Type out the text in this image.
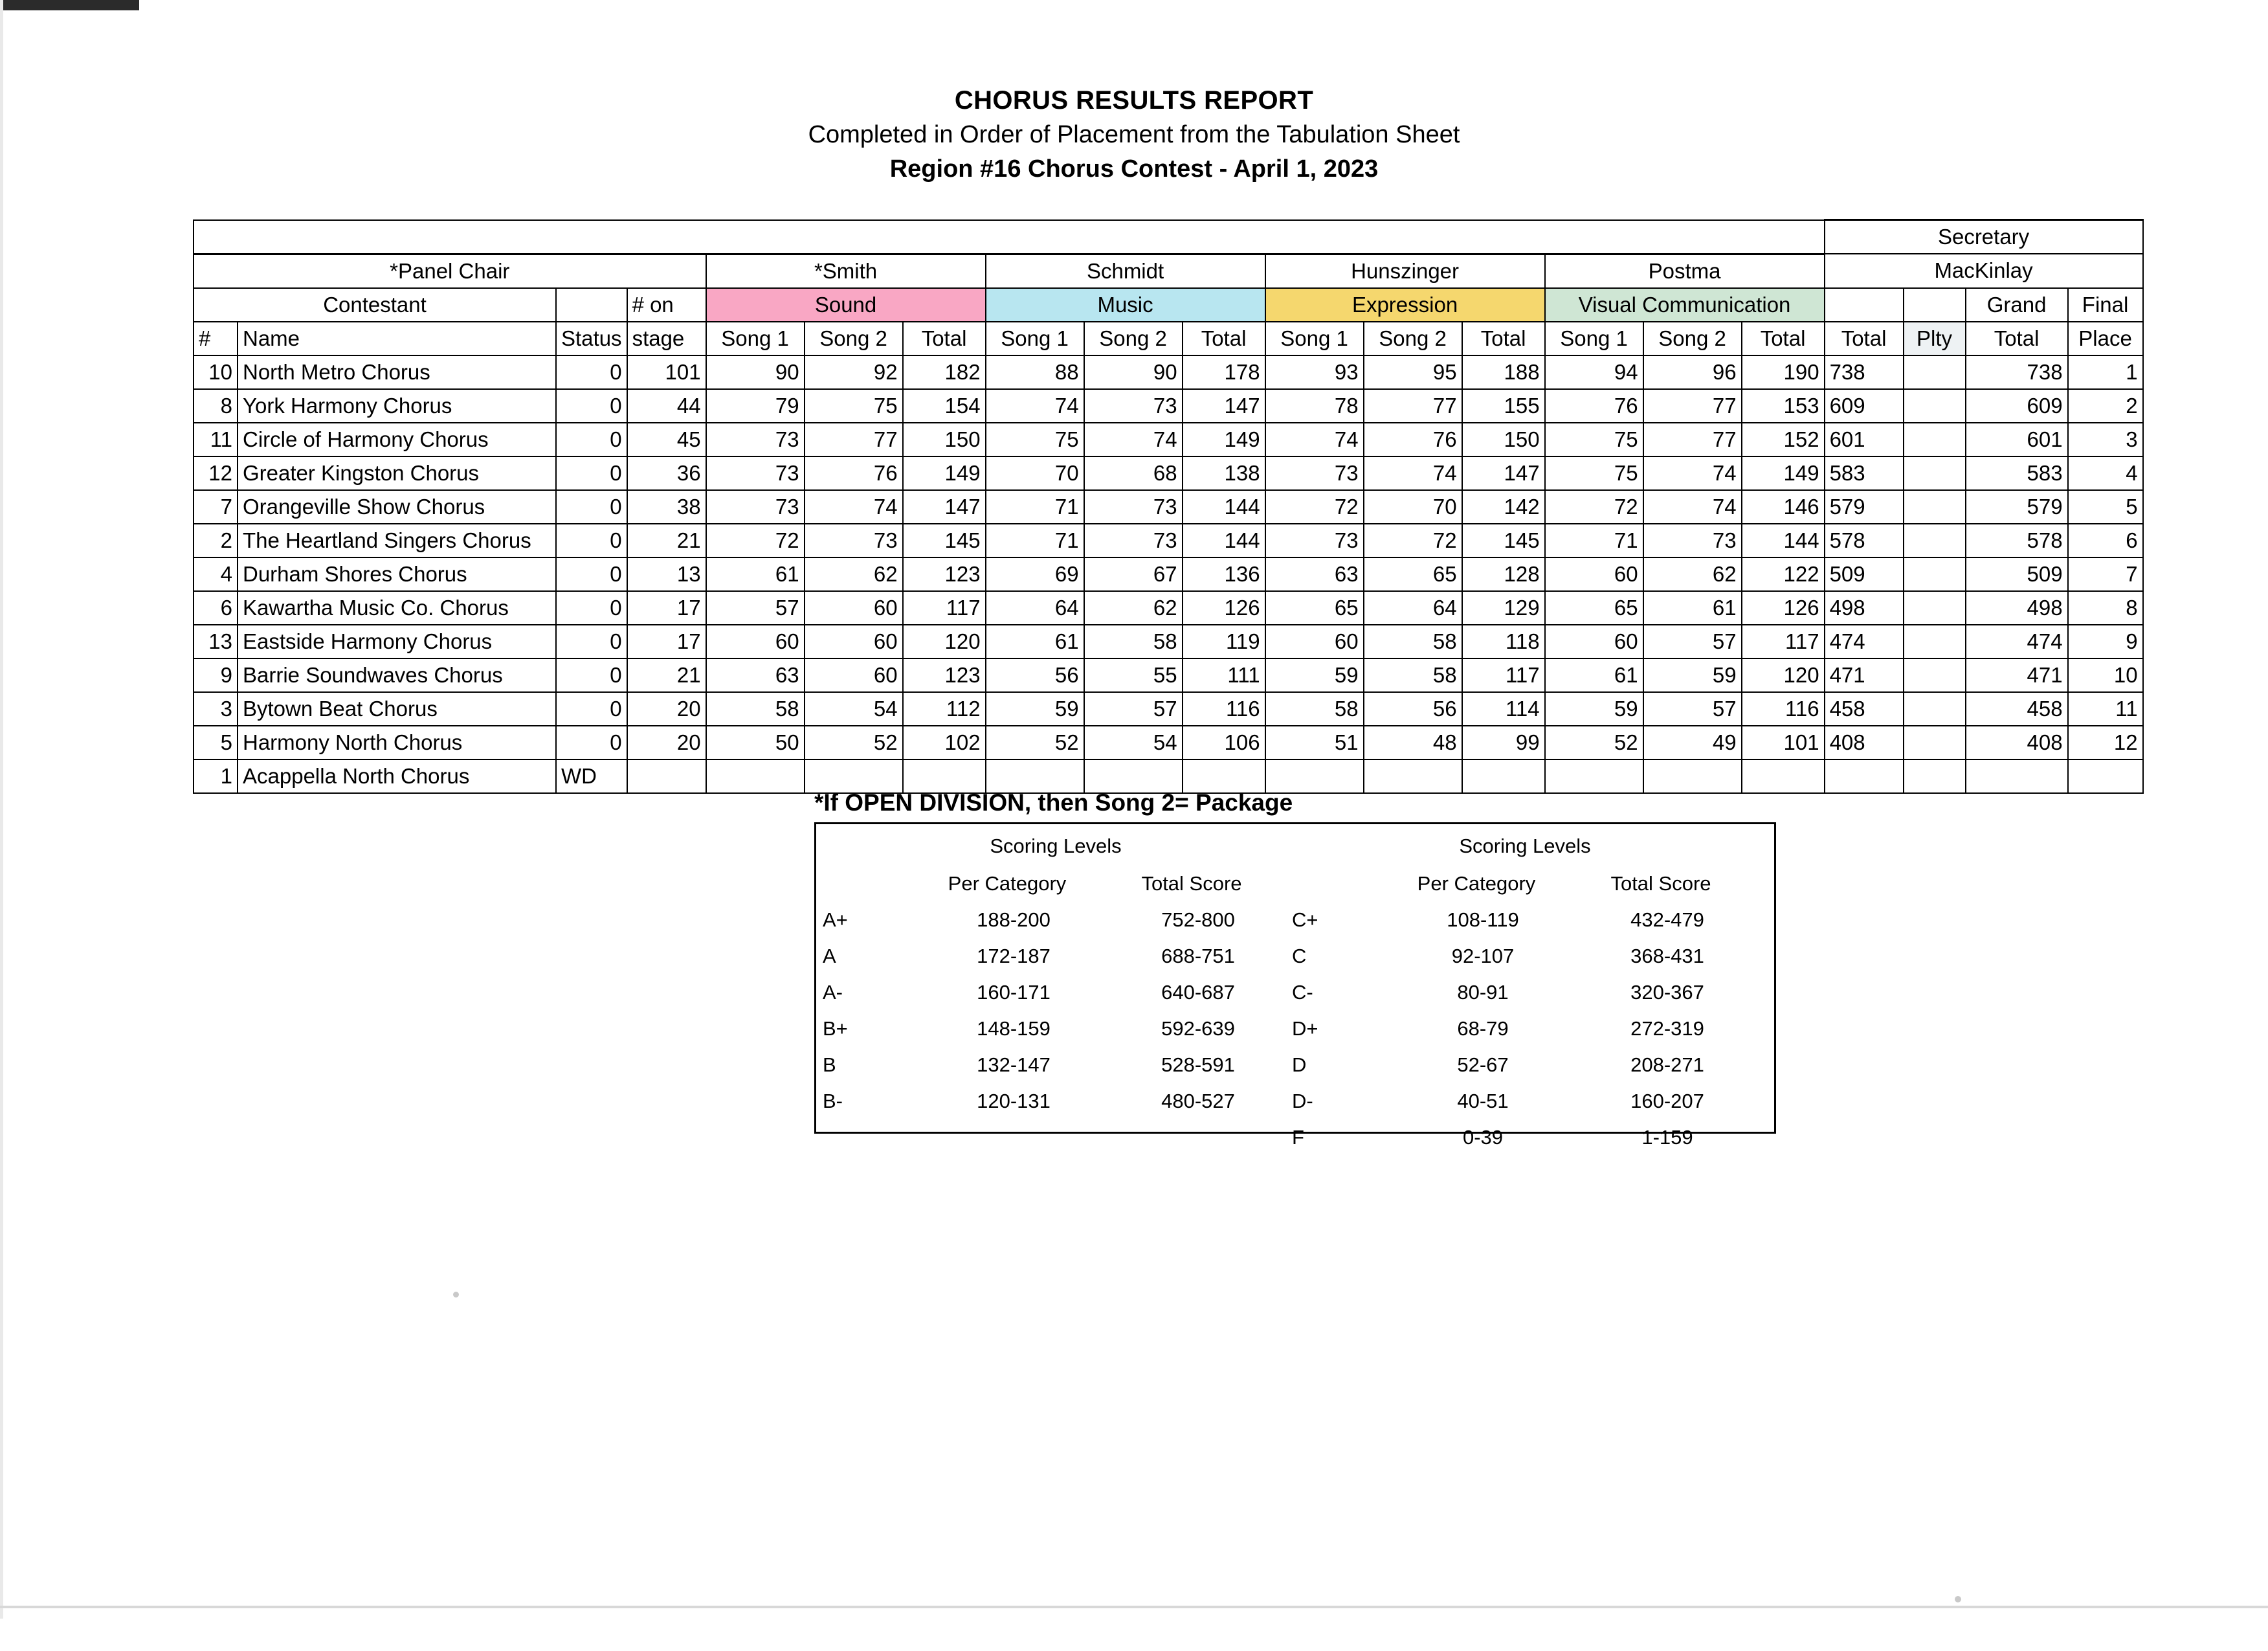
CHORUS RESULTS REPORT
Completed in Order of Placement from the Tabulation Sheet
Region #16 Chorus Contest - April 1, 2023
																Secretary			
*Panel Chair				*Smith			Schmidt			Hunszinger			Postma			MacKinlay			
Contestant			# on	Sound			Music			Expression			Visual Communication					Grand	Final
#	Name	Status	stage	Song 1	Song 2	Total	Song 1	Song 2	Total	Song 1	Song 2	Total	Song 1	Song 2	Total	Total	Plty	Total	Place
10	North Metro Chorus	0	101	90	92	182	88	90	178	93	95	188	94	96	190	738		738	1
8	York Harmony Chorus	0	44	79	75	154	74	73	147	78	77	155	76	77	153	609		609	2
11	Circle of Harmony Chorus	0	45	73	77	150	75	74	149	74	76	150	75	77	152	601		601	3
12	Greater Kingston Chorus	0	36	73	76	149	70	68	138	73	74	147	75	74	149	583		583	4
7	Orangeville Show Chorus	0	38	73	74	147	71	73	144	72	70	142	72	74	146	579		579	5
2	The Heartland Singers Chorus	0	21	72	73	145	71	73	144	73	72	145	71	73	144	578		578	6
4	Durham Shores Chorus	0	13	61	62	123	69	67	136	63	65	128	60	62	122	509		509	7
6	Kawartha Music Co. Chorus	0	17	57	60	117	64	62	126	65	64	129	65	61	126	498		498	8
13	Eastside Harmony Chorus	0	17	60	60	120	61	58	119	60	58	118	60	57	117	474		474	9
9	Barrie Soundwaves Chorus	0	21	63	60	123	56	55	111	59	58	117	61	59	120	471		471	10
3	Bytown Beat Chorus	0	20	58	54	112	59	57	116	58	56	114	59	57	116	458		458	11
5	Harmony North Chorus	0	20	50	52	102	52	54	106	51	48	99	52	49	101	408		408	12
1	Acappella North Chorus	WD																	
*If OPEN DIVISION, then Song 2= Package
Scoring Levels
Per Category	Total Score
A+	188-200	752-800
A	172-187	688-751
A-	160-171	640-687
B+	148-159	592-639
B	132-147	528-591
B-	120-131	480-527
Scoring Levels
Per Category	Total Score
C+	108-119	432-479
C	92-107	368-431
C-	80-91	320-367
D+	68-79	272-319
D	52-67	208-271
D-	40-51	160-207
F	0-39	1-159
